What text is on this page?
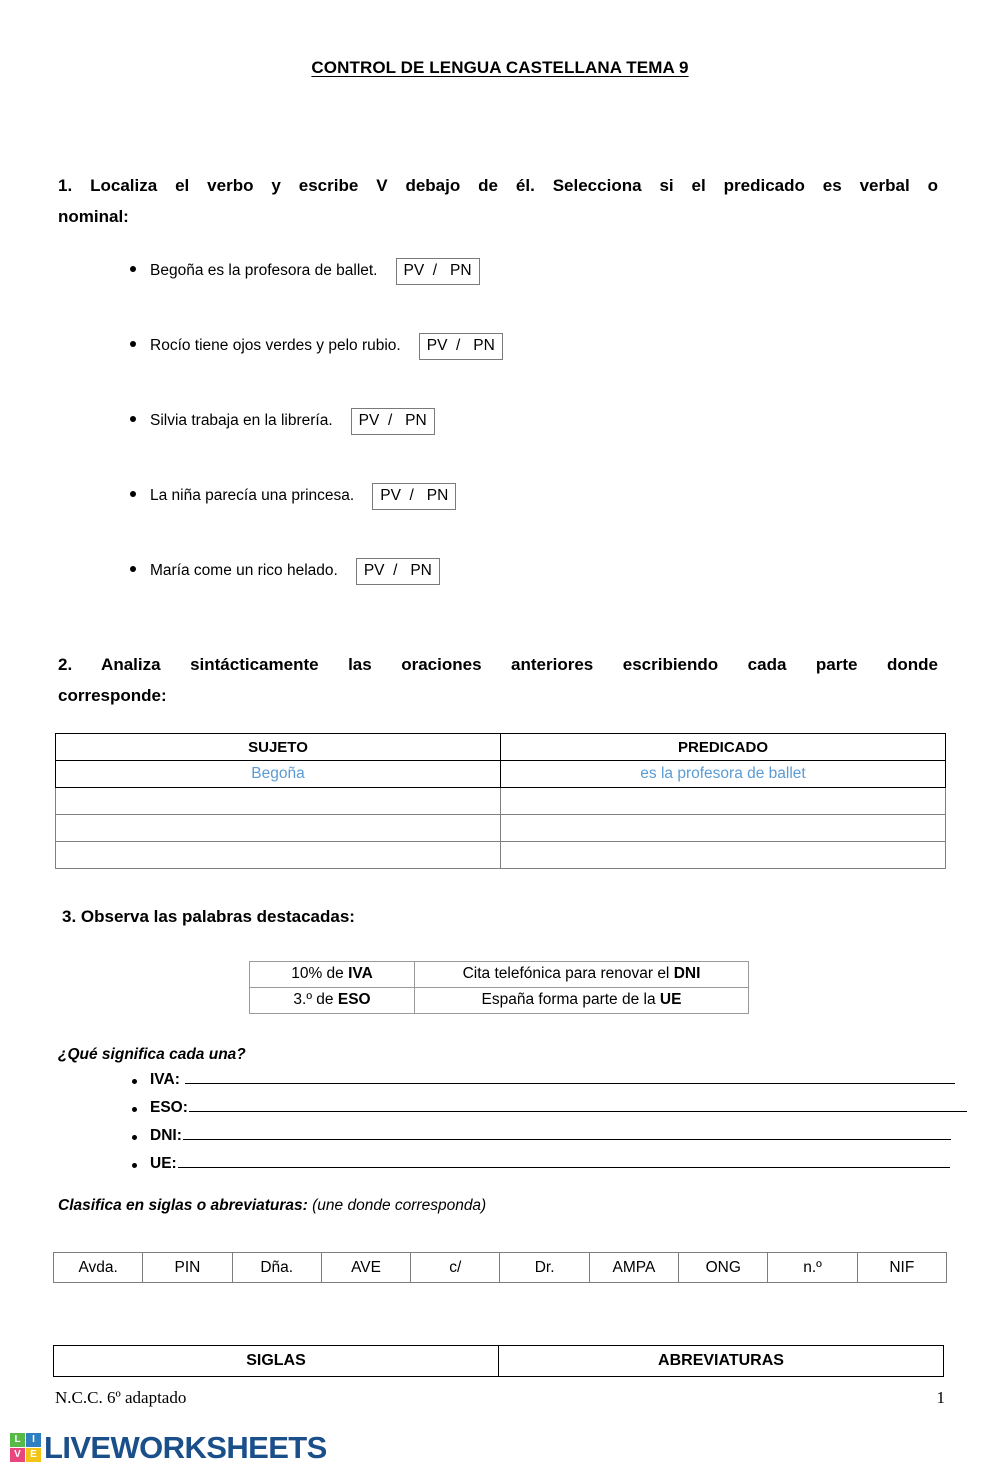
CONTROL DE LENGUA CASTELLANA TEMA 9
1. Localiza el verbo y escribe V debajo de él. Selecciona si el predicado es verbal o
nominal:
Begoña es la profesora de ballet.	PV  /   PN
Rocío tiene ojos verdes y pelo rubio.	PV  /   PN
Silvia trabaja en la librería.	PV  /   PN
La niña parecía una princesa.	PV  /   PN
María come un rico helado.	PV  /   PN
2. Analiza sintácticamente las oraciones anteriores escribiendo cada parte donde
corresponde:
SUJETO	PREDICADO
Begoña	es la profesora de ballet

3. Observa las palabras destacadas:
10% de IVA	Cita telefónica para renovar el DNI
3.º de ESO	España forma parte de la UE
¿Qué significa cada una?
IVA:
ESO:
DNI:
UE:
Clasifica en siglas o abreviaturas: (une donde corresponda)
Avda.	PIN	Dña.	AVE	c/	Dr.	AMPA	ONG	n.º	NIF
SIGLAS	ABREVIATURAS
N.C.C. 6º adaptado	1
L	I
V E LIVEWORKSHEETS
